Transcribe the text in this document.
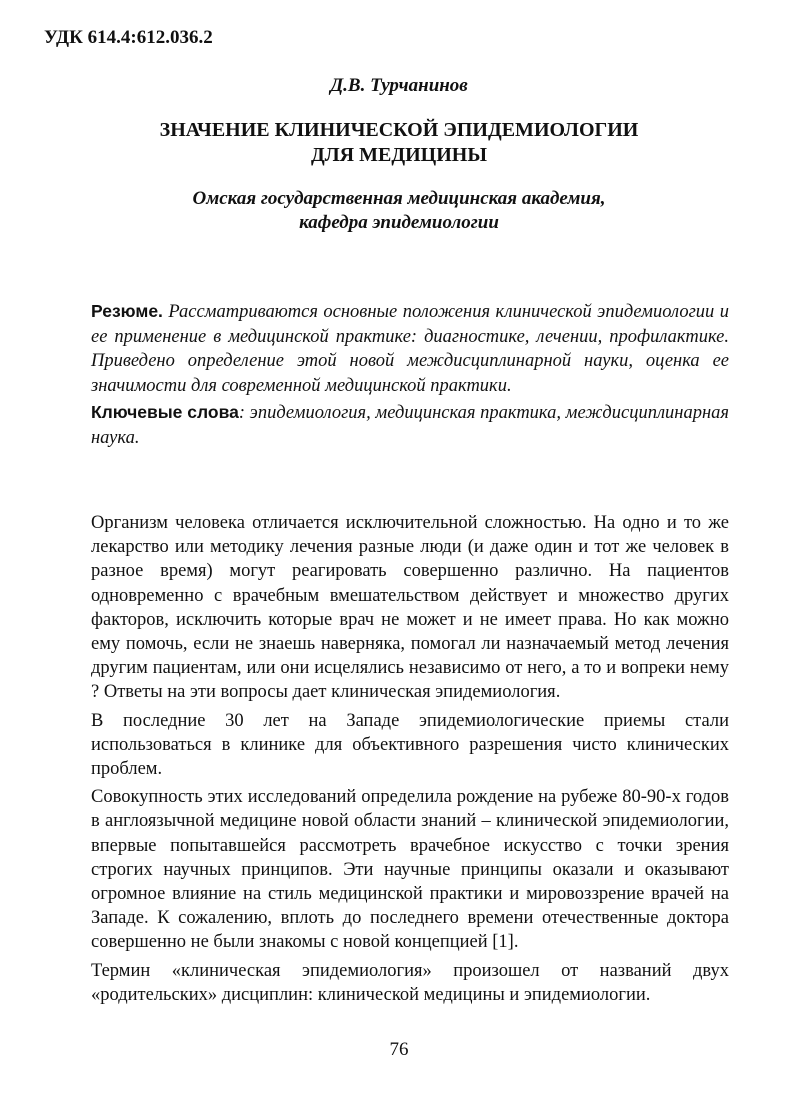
УДК 614.4:612.036.2
Д.В. Турчанинов
ЗНАЧЕНИЕ КЛИНИЧЕСКОЙ ЭПИДЕМИОЛОГИИ
ДЛЯ МЕДИЦИНЫ
Омская государственная медицинская академия,
кафедра эпидемиологии

Резюме. Рассматриваются основные положения клинической эпидемиологии и ее применение в медицинской практике: диагностике, лечении, профилактике. Приведено определение этой новой междисциплинарной науки, оценка ее значимости для современной медицинской практики.

Ключевые слова: эпидемиология, медицинская практика, междисциплинарная наука.

Организм человека отличается исключительной сложностью. На одно и то же лекарство или методику лечения разные люди (и даже один и тот же человек в разное время) могут реагировать совершенно различно. На пациентов одновременно с врачебным вмешательством действует и множество других факторов, исключить которые врач не может и не имеет права. Но как можно ему помочь, если не знаешь наверняка, помогал ли назначаемый метод лечения другим пациентам, или они исцелялись независимо от него, а то и вопреки нему ? Ответы на эти вопросы дает клиническая эпидемиология.

В последние 30 лет на Западе эпидемиологические приемы стали использоваться в клинике для объективного разрешения чисто клинических проблем.

Совокупность этих исследований определила рождение на рубеже 80-90-х годов в англоязычной медицине новой области знаний – клинической эпидемиологии, впервые попытавшейся рассмотреть врачебное искусство с точки зрения строгих научных принципов. Эти научные принципы оказали и оказывают огромное влияние на стиль медицинской практики и мировоззрение врачей на Западе. К сожалению, вплоть до последнего времени отечественные доктора совершенно не были знакомы с новой концепцией [1].

Термин «клиническая эпидемиология» произошел от названий двух «родительских» дисциплин: клинической медицины и эпидемиологии.

76
